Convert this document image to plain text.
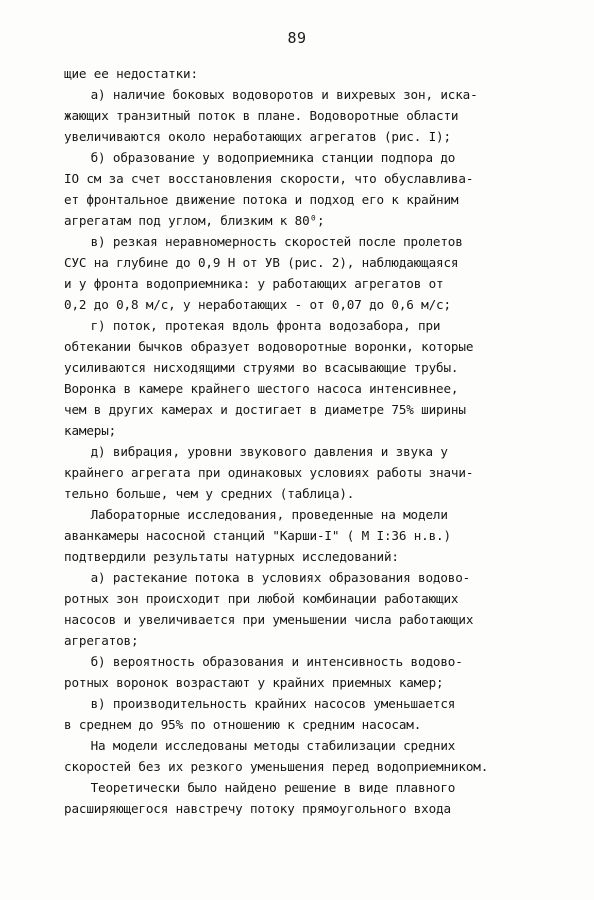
89
щие ее недостатки:
а) наличие боковых водоворотов и вихревых зон, иска-
жающих транзитный поток в плане. Водоворотные области
увеличиваются около неработающих агрегатов (рис. I);
б) образование у водоприемника станции подпора до
IO см за счет восстановления скорости, что обуславлива-
ет фронтальное движение потока и подход его к крайним
агрегатам под углом, близким к 80⁰;
в) резкая неравномерность скоростей после пролетов
СУС на глубине до 0,9 Н от УВ (рис. 2), наблюдающаяся
и у фронта водоприемника: у работающих агрегатов от
0,2 до 0,8 м/с, у неработающих - от 0,07 до 0,6 м/с;
г) поток, протекая вдоль фронта водозабора, при
обтекании бычков образует водоворотные воронки, которые
усиливаются нисходящими струями во всасывающие трубы.
Воронка в камере крайнего шестого насоса интенсивнее,
чем в других камерах и достигает в диаметре 75% ширины
камеры;
д) вибрация, уровни звукового давления и звука у
крайнего агрегата при одинаковых условиях работы значи-
тельно больше, чем у средних (таблица).
Лабораторные исследования, проведенные на модели
аванкамеры насосной станций "Карши-I" ( М I:36 н.в.)
подтвердили результаты натурных исследований:
а) растекание потока в условиях образования водово-
ротных зон происходит при любой комбинации работающих
насосов и увеличивается при уменьшении числа работающих
агрегатов;
б) вероятность образования и интенсивность водово-
ротных воронок возрастают у крайних приемных камер;
в) производительность крайних насосов уменьшается
в среднем до 95% по отношению к средним насосам.
На модели исследованы методы стабилизации средних
скоростей без их резкого уменьшения перед водоприемником.
Теоретически было найдено решение в виде плавного
расширяющегося навстречу потоку прямоугольного входа
